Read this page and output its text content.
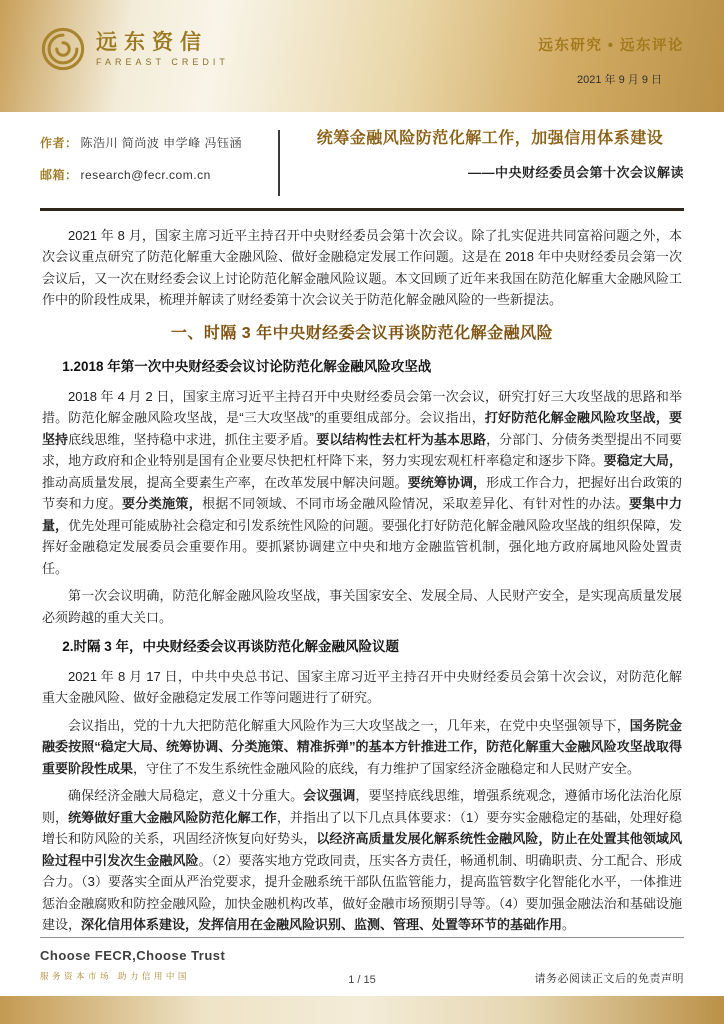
远东资信
FAREAST CREDIT
远东研究 • 远东评论
2021 年 9 月 9 日
作者： 陈浩川 简尚波 申学峰 冯钰涵
邮箱： research@fecr.com.cn
统筹金融风险防范化解工作，加强信用体系建设
——中央财经委员会第十次会议解读

2021 年 8 月，国家主席习近平主持召开中央财经委员会第十次会议。除了扎实促进共同富裕问题之外，本次会议重点研究了防范化解重大金融风险、做好金融稳定发展工作问题。这是在 2018 年中央财经委员会第一次会议后，又一次在财经委会议上讨论防范化解金融风险议题。本文回顾了近年来我国在防范化解重大金融风险工作中的阶段性成果，梳理并解读了财经委第十次会议关于防范化解金融风险的一些新提法。

一、时隔 3 年中央财经委会议再谈防范化解金融风险
1.2018 年第一次中央财经委会议讨论防范化解金融风险攻坚战

2018 年 4 月 2 日，国家主席习近平主持召开中央财经委员会第一次会议，研究打好三大攻坚战的思路和举措。防范化解金融风险攻坚战，是“三大攻坚战”的重要组成部分。会议指出，打好防范化解金融风险攻坚战，要坚持底线思维，坚持稳中求进，抓住主要矛盾。要以结构性去杠杆为基本思路，分部门、分债务类型提出不同要求，地方政府和企业特别是国有企业要尽快把杠杆降下来，努力实现宏观杠杆率稳定和逐步下降。要稳定大局，推动高质量发展，提高全要素生产率，在改革发展中解决问题。要统筹协调，形成工作合力，把握好出台政策的节奏和力度。要分类施策，根据不同领域、不同市场金融风险情况，采取差异化、有针对性的办法。要集中力量，优先处理可能威胁社会稳定和引发系统性风险的问题。要强化打好防范化解金融风险攻坚战的组织保障，发挥好金融稳定发展委员会重要作用。要抓紧协调建立中央和地方金融监管机制，强化地方政府属地风险处置责任。

第一次会议明确，防范化解金融风险攻坚战，事关国家安全、发展全局、人民财产安全，是实现高质量发展必须跨越的重大关口。

2.时隔 3 年，中央财经委会议再谈防范化解金融风险议题

2021 年 8 月 17 日，中共中央总书记、国家主席习近平主持召开中央财经委员会第十次会议，对防范化解重大金融风险、做好金融稳定发展工作等问题进行了研究。

会议指出，党的十九大把防范化解重大风险作为三大攻坚战之一，几年来，在党中央坚强领导下，国务院金融委按照“稳定大局、统筹协调、分类施策、精准拆弹”的基本方针推进工作，防范化解重大金融风险攻坚战取得重要阶段性成果，守住了不发生系统性金融风险的底线，有力维护了国家经济金融稳定和人民财产安全。

确保经济金融大局稳定，意义十分重大。会议强调，要坚持底线思维，增强系统观念，遵循市场化法治化原则，统筹做好重大金融风险防范化解工作，并指出了以下几点具体要求：（1）要夯实金融稳定的基础，处理好稳增长和防风险的关系，巩固经济恢复向好势头，以经济高质量发展化解系统性金融风险，防止在处置其他领域风险过程中引发次生金融风险。（2）要落实地方党政同责，压实各方责任，畅通机制、明确职责、分工配合、形成合力。（3）要落实全面从严治党要求，提升金融系统干部队伍监管能力，提高监管数字化智能化水平，一体推进惩治金融腐败和防控金融风险，加快金融机构改革，做好金融市场预期引导等。（4）要加强金融法治和基础设施建设，深化信用体系建设，发挥信用在金融风险识别、监测、管理、处置等环节的基础作用。

Choose FECR,Choose Trust
服务资本市场 助力信用中国	1 / 15	请务必阅读正文后的免责声明
